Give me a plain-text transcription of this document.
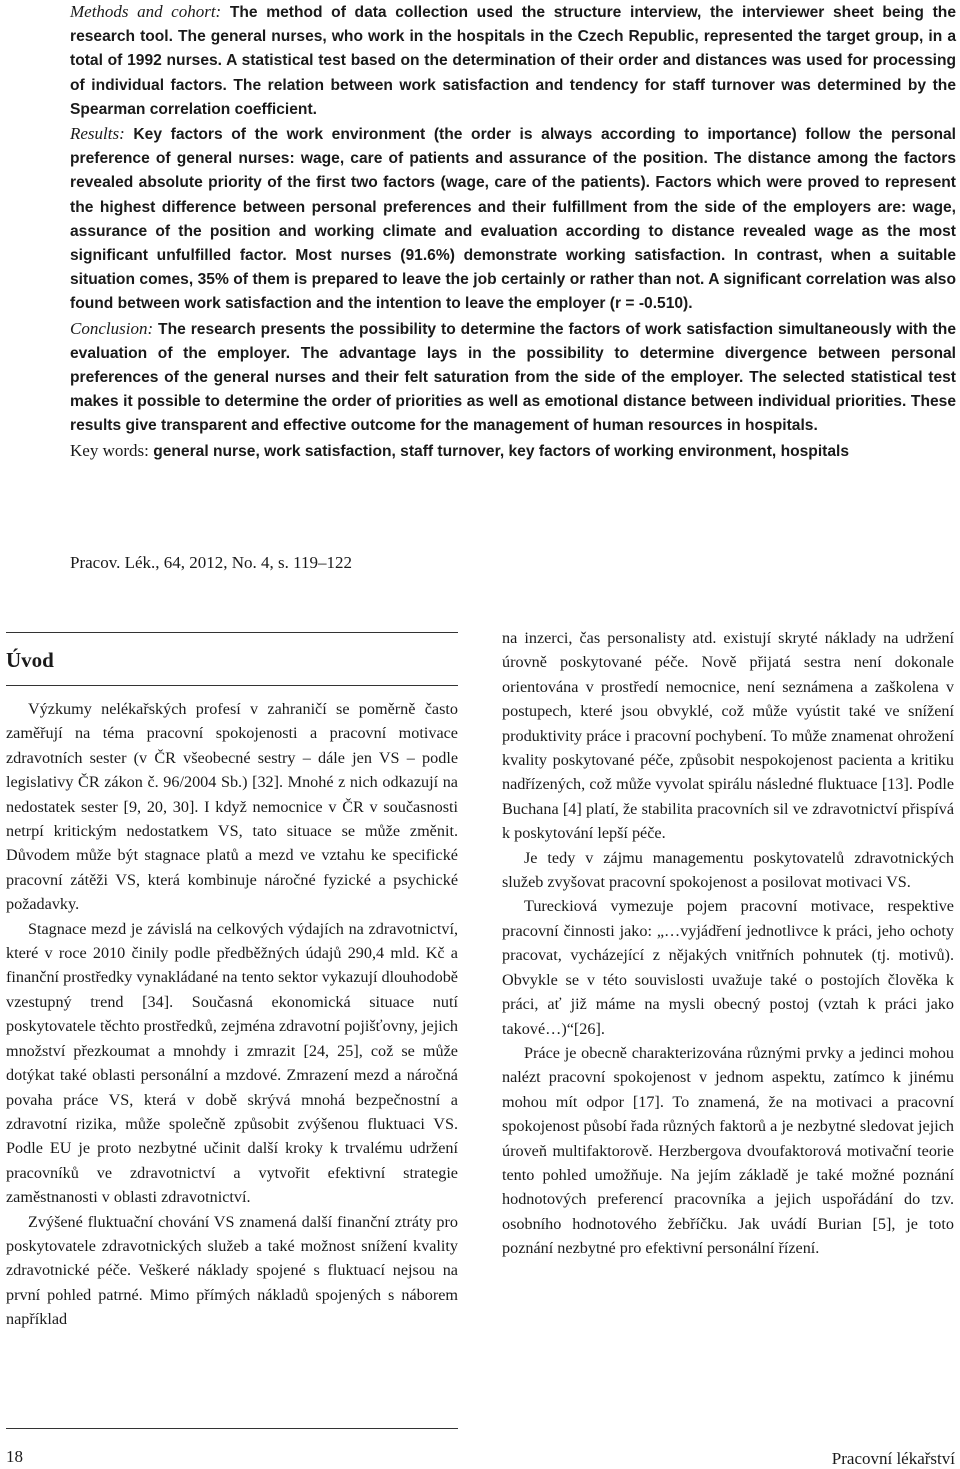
Methods and cohort: The method of data collection used the structure interview, the interviewer sheet being the research tool. The general nurses, who work in the hospitals in the Czech Republic, represented the target group, in a total of 1992 nurses. A statistical test based on the determination of their order and distances was used for processing of individual factors. The relation between work satisfaction and tendency for staff turnover was determined by the Spearman correlation coefficient.

Results: Key factors of the work environment (the order is always according to importance) follow the personal preference of general nurses: wage, care of patients and assurance of the position. The distance among the factors revealed absolute priority of the first two factors (wage, care of the patients). Factors which were proved to represent the highest difference between personal preferences and their fulfillment from the side of the employers are: wage, assurance of the position and working climate and evaluation according to distance revealed wage as the most significant unfulfilled factor. Most nurses (91.6%) demonstrate working satisfaction. In contrast, when a suitable situation comes, 35% of them is prepared to leave the job certainly or rather than not. A significant correlation was also found between work satisfaction and the intention to leave the employer (r = -0.510).

Conclusion: The research presents the possibility to determine the factors of work satisfaction simultaneously with the evaluation of the employer. The advantage lays in the possibility to determine divergence between personal preferences of the general nurses and their felt saturation from the side of the employer. The selected statistical test makes it possible to determine the order of priorities as well as emotional distance between individual priorities. These results give transparent and effective outcome for the management of human resources in hospitals.

Key words: general nurse, work satisfaction, staff turnover, key factors of working environment, hospitals

Pracov. Lék., 64, 2012, No. 4, s. 119–122
Úvod

Výzkumy nelékařských profesí v zahraničí se poměrně často zaměřují na téma pracovní spokojenosti a pracovní motivace zdravotních sester (v ČR všeobecné sestry – dále jen VS – podle legislativy ČR zákon č. 96/2004 Sb.) [32]. Mnohé z nich odkazují na nedostatek sester [9, 20, 30]. I když nemocnice v ČR v současnosti netrpí kritickým nedostatkem VS, tato situace se může změnit. Důvodem může být stagnace platů a mezd ve vztahu ke specifické pracovní zátěži VS, která kombinuje náročné fyzické a psychické požadavky.

Stagnace mezd je závislá na celkových výdajích na zdravotnictví, které v roce 2010 činily podle předběžných údajů 290,4 mld. Kč a finanční prostředky vynakládané na tento sektor vykazují dlouhodobě vzestupný trend [34]. Současná ekonomická situace nutí poskytovatele těchto prostředků, zejména zdravotní pojišťovny, jejich množství přezkoumat a mnohdy i zmrazit [24, 25], což se může dotýkat také oblasti personální a mzdové. Zmrazení mezd a náročná povaha práce VS, která v době skrývá mnohá bezpečnostní a zdravotní rizika, může společně způsobit zvýšenou fluktuaci VS. Podle EU je proto nezbytné učinit další kroky k trvalému udržení pracovníků ve zdravotnictví a vytvořit efektivní strategie zaměstnanosti v oblasti zdravotnictví.

Zvýšené fluktuační chování VS znamená další finanční ztráty pro poskytovatele zdravotnických služeb a také možnost snížení kvality zdravotnické péče. Veškeré náklady spojené s fluktuací nejsou na první pohled patrné. Mimo přímých nákladů spojených s náborem například

na inzerci, čas personalisty atd. existují skryté náklady na udržení úrovně poskytované péče. Nově přijatá sestra není dokonale orientována v prostředí nemocnice, není seznámena a zaškolena v postupech, které jsou obvyklé, což může vyústit také ve snížení produktivity práce i pracovní pochybení. To může znamenat ohrožení kvality poskytované péče, způsobit nespokojenost pacienta a kritiku nadřízených, což může vyvolat spirálu následné fluktuace [13]. Podle Buchana [4] platí, že stabilita pracovních sil ve zdravotnictví přispívá k poskytování lepší péče.

Je tedy v zájmu managementu poskytovatelů zdravotnických služeb zvyšovat pracovní spokojenost a posilovat motivaci VS.

Tureckiová vymezuje pojem pracovní motivace, respektive pracovní činnosti jako: „…vyjádření jednotlivce k práci, jeho ochoty pracovat, vycházející z nějakých vnitřních pohnutek (tj. motivů). Obvykle se v této souvislosti uvažuje také o postojích člověka k práci, ať již máme na mysli obecný postoj (vztah k práci jako takové…)“[26].

Práce je obecně charakterizována různými prvky a jedinci mohou nalézt pracovní spokojenost v jednom aspektu, zatímco k jinému mohou mít odpor [17]. To znamená, že na motivaci a pracovní spokojenost působí řada různých faktorů a je nezbytné sledovat jejich úroveň multifaktorově. Herzbergova dvoufaktorová motivační teorie tento pohled umožňuje. Na jejím základě je také možné poznání hodnotových preferencí pracovníka a jejich uspořádání do tzv. osobního hodnotového žebříčku. Jak uvádí Burian [5], je toto poznání nezbytné pro efektivní personální řízení.

18	Pracovní lékařství
